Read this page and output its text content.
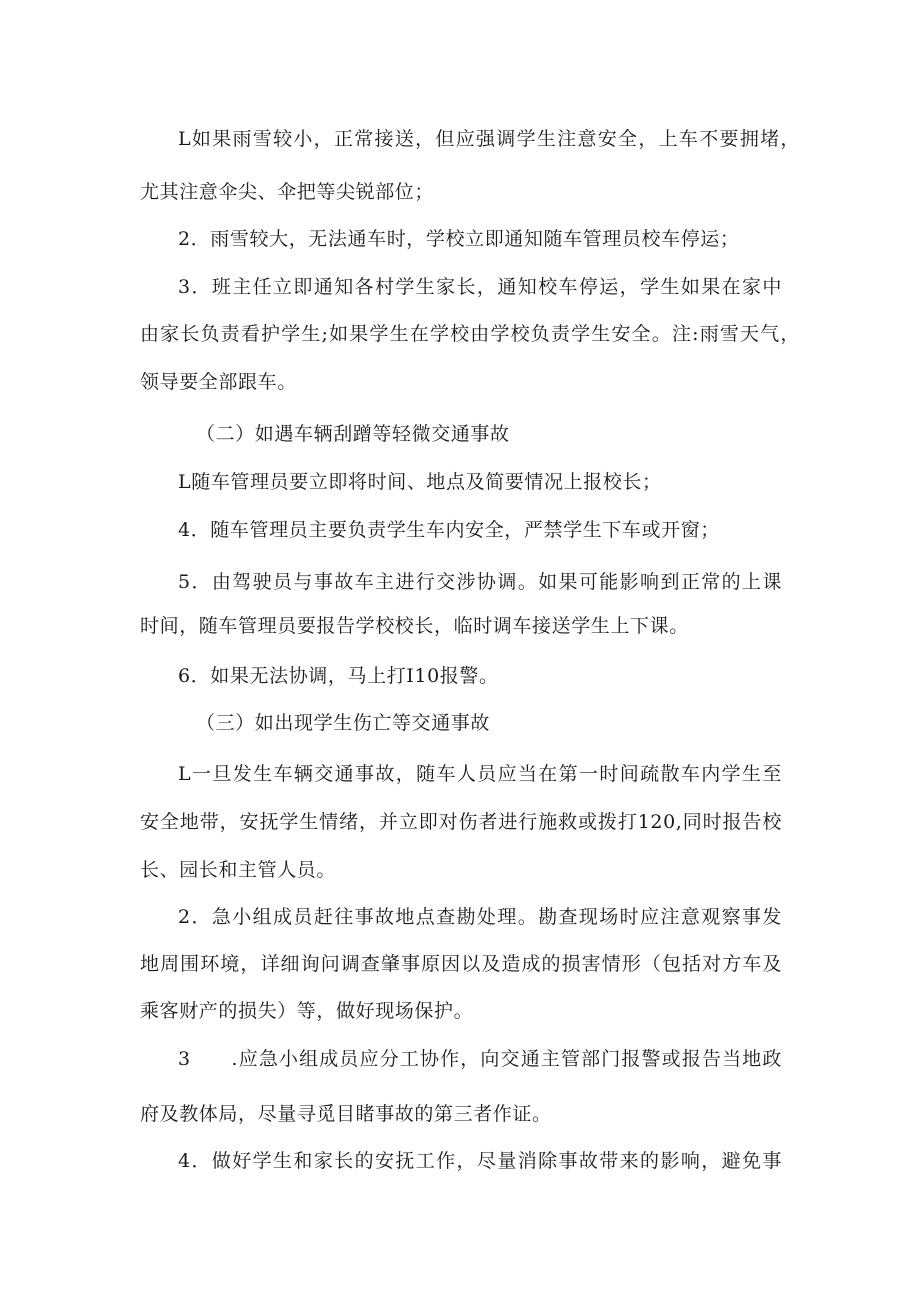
L如果雨雪较小，正常接送，但应强调学生注意安全，上车不要拥堵，

尤其注意伞尖、伞把等尖锐部位；

2．雨雪较大，无法通车时，学校立即通知随车管理员校车停运；

3．班主任立即通知各村学生家长，通知校车停运，学生如果在家中

由家长负责看护学生;如果学生在学校由学校负责学生安全。注:雨雪天气，

领导要全部跟车。

（二）如遇车辆刮蹭等轻微交通事故

L随车管理员要立即将时间、地点及简要情况上报校长；

4．随车管理员主要负责学生车内安全，严禁学生下车或开窗；

5．由驾驶员与事故车主进行交涉协调。如果可能影响到正常的上课

时间，随车管理员要报告学校校长，临时调车接送学生上下课。

6．如果无法协调，马上打I10报警。

（三）如出现学生伤亡等交通事故

L一旦发生车辆交通事故，随车人员应当在第一时间疏散车内学生至

安全地带，安抚学生情绪，并立即对伤者进行施救或拨打120,同时报告校

长、园长和主管人员。

2．急小组成员赶往事故地点查勘处理。勘查现场时应注意观察事发

地周围环境，详细询问调查肇事原因以及造成的损害情形（包括对方车及

乘客财产的损失）等，做好现场保护。

3　　.应急小组成员应分工协作，向交通主管部门报警或报告当地政

府及教体局，尽量寻觅目睹事故的第三者作证。

4．做好学生和家长的安抚工作，尽量消除事故带来的影响，避免事
